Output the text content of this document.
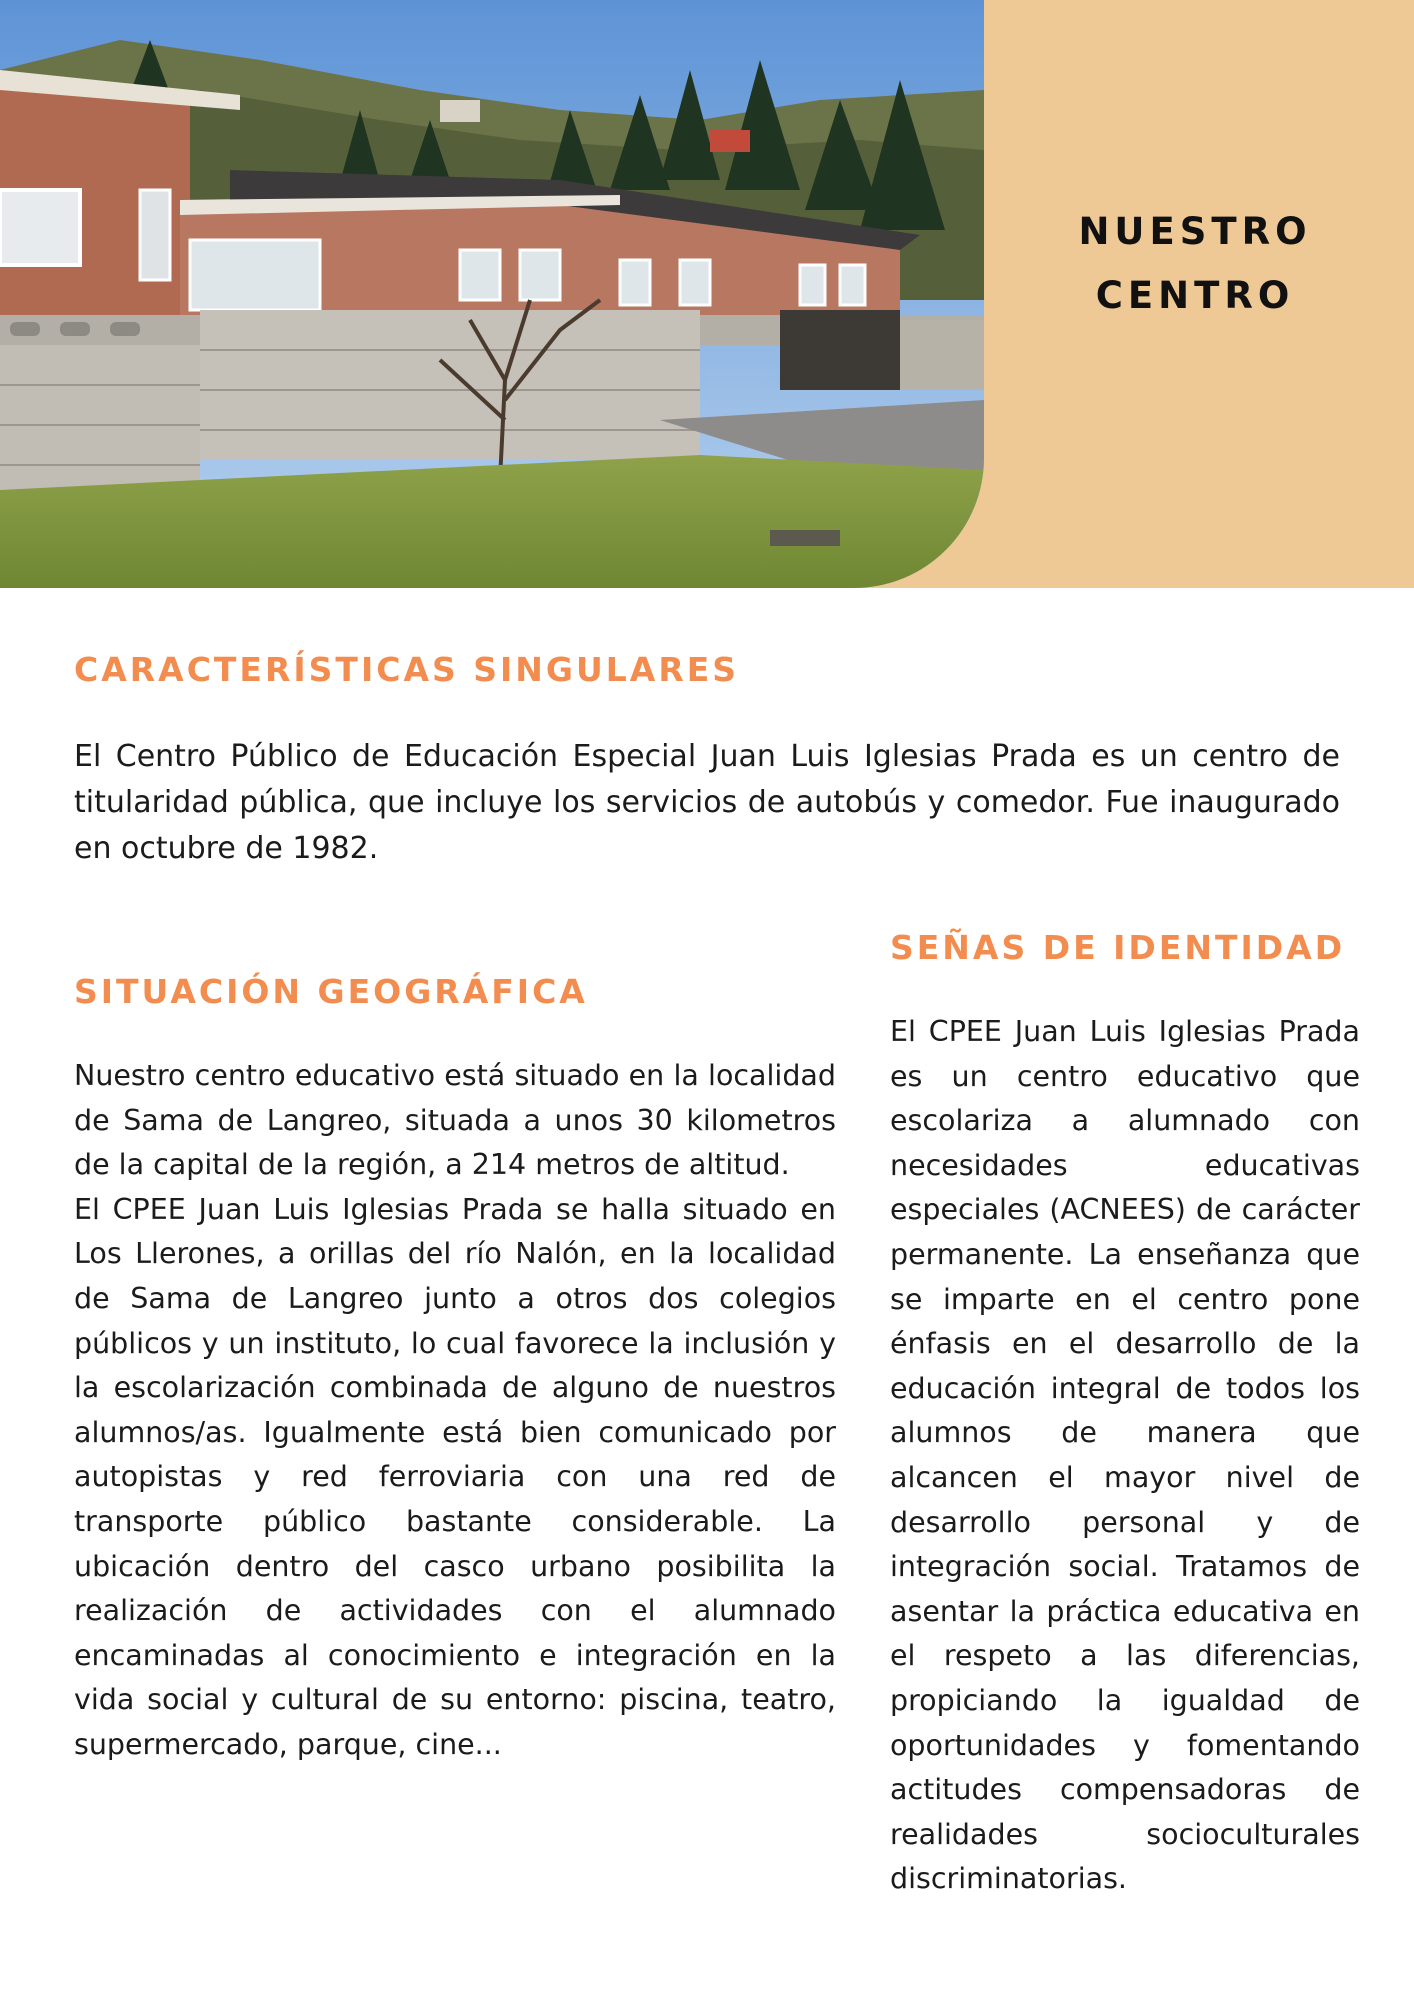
NUESTRO
CENTRO
CARACTERÍSTICAS SINGULARES

El Centro Público de Educación Especial Juan Luis Iglesias Prada es un centro de titularidad pública, que incluye los servicios de autobús y comedor. Fue inaugurado en octubre de 1982.

SITUACIÓN GEOGRÁFICA

Nuestro centro educativo está situado en la localidad de Sama de Langreo, situada a unos 30 kilometros de la capital de la región, a 214 metros de altitud.

El CPEE Juan Luis Iglesias Prada se halla situado en Los Llerones, a orillas del río Nalón, en la localidad de Sama de Langreo junto a otros dos colegios públicos y un instituto, lo cual favorece la inclusión y la escolarización combinada de alguno de nuestros alumnos/as. Igualmente está bien comunicado por autopistas y red ferroviaria con una red de transporte público bastante considerable. La ubicación dentro del casco urbano posibilita la realización de actividades con el alumnado encaminadas al conocimiento e integración en la vida social y cultural de su entorno: piscina, teatro, supermercado, parque, cine...

SEÑAS DE IDENTIDAD

El CPEE Juan Luis Iglesias Prada es un centro educativo que escolariza a alumnado con necesidades educativas especiales (ACNEES) de carácter permanente. La enseñanza que se imparte en el centro pone énfasis en el desarrollo de la educación integral de todos los alumnos de manera que alcancen el mayor nivel de desarrollo personal y de integración social. Tratamos de asentar la práctica educativa en el respeto a las diferencias, propiciando la igualdad de oportunidades y fomentando actitudes compensadoras de realidades socioculturales discriminatorias.
